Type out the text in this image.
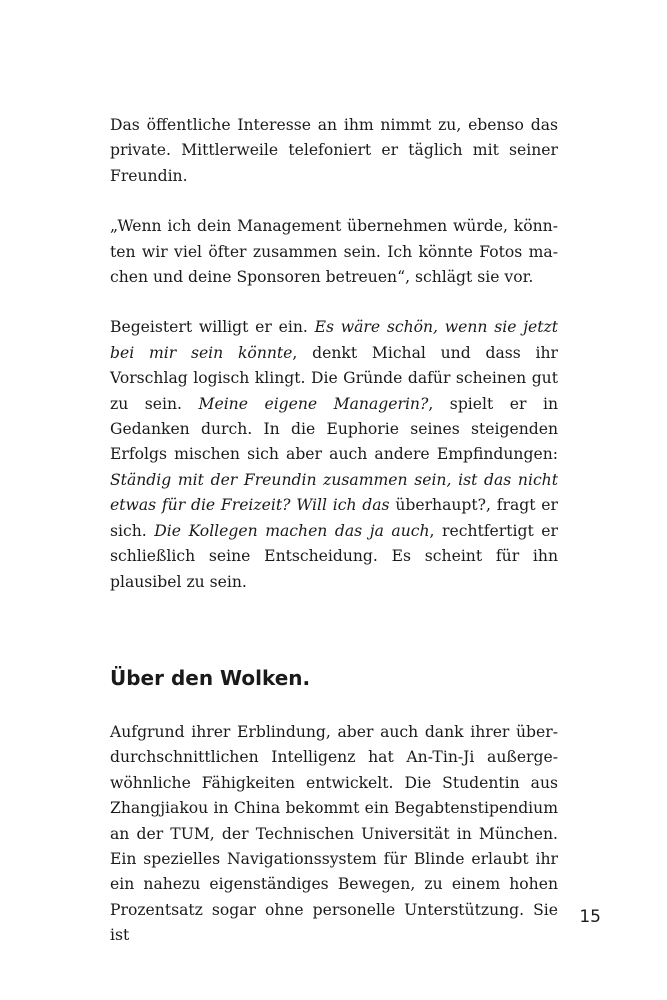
Das öffentliche Interesse an ihm nimmt zu, ebenso das private. Mittlerweile telefoniert er täglich mit seiner Freundin.

„Wenn ich dein Management übernehmen würde, könnten wir viel öfter zusammen sein. Ich könnte Fotos machen und deine Sponsoren betreuen“, schlägt sie vor.

Begeistert willigt er ein. Es wäre schön, wenn sie jetzt bei mir sein könnte, denkt Michal und dass ihr Vorschlag logisch klingt. Die Gründe dafür scheinen gut zu sein. Meine eigene Managerin?, spielt er in Gedanken durch. In die Euphorie seines steigenden Erfolgs mischen sich aber auch andere Empfindungen: Ständig mit der Freundin zusammen sein, ist das nicht etwas für die Freizeit? Will ich das überhaupt?, fragt er sich. Die Kollegen machen das ja auch, rechtfertigt er schließlich seine Entscheidung. Es scheint für ihn plausibel zu sein.

Über den Wolken.

Aufgrund ihrer Erblindung, aber auch dank ihrer überdurchschnittlichen Intelligenz hat An-Tin-Ji außergewöhnliche Fähigkeiten entwickelt. Die Studentin aus Zhangjiakou in China bekommt ein Begabtenstipendium an der TUM, der Technischen Universität in München. Ein spezielles Navigationssystem für Blinde erlaubt ihr ein nahezu eigenständiges Bewegen, zu einem hohen Prozentsatz sogar ohne personelle Unterstützung. Sie ist

15
